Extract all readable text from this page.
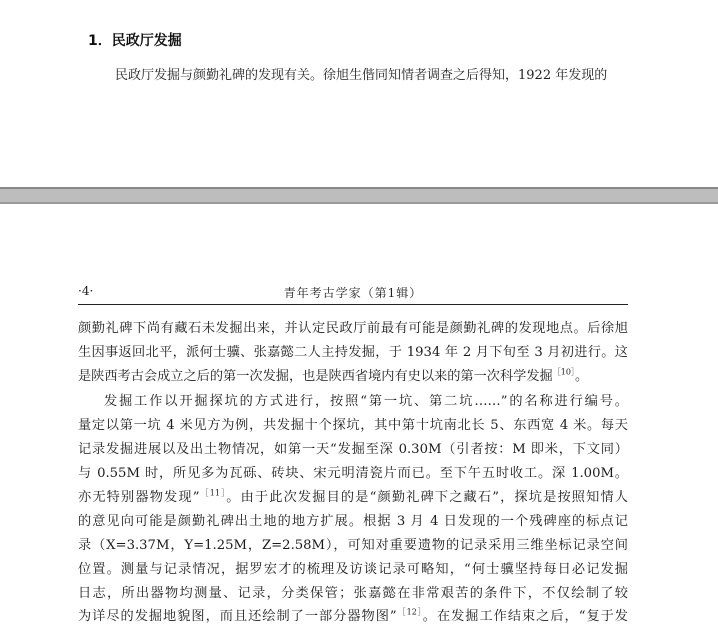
1．民政厅发掘
民政厅发掘与颜勤礼碑的发现有关。徐旭生偕同知情者调查之后得知，1922 年发现的
·4·	青年考古学家（第1辑）
颜勤礼碑下尚有藏石未发掘出来，并认定民政厅前最有可能是颜勤礼碑的发现地点。后徐旭
生因事返回北平，派何士骥、张嘉懿二人主持发掘，于 1934 年 2 月下旬至 3 月初进行。这
是陕西考古会成立之后的第一次发掘，也是陕西省境内有史以来的第一次科学发掘$^{[10]}$。
发掘工作以开掘探坑的方式进行，按照“第一坑、第二坑……”的名称进行编号。
量定以第一坑 4 米见方为例，共发掘十个探坑，其中第十坑南北长 5、东西宽 4 米。每天
记录发掘进展以及出土物情况，如第一天“发掘至深 0.30M（引者按：M 即米，下文同）
与 0.55M 时，所见多为瓦砾、砖块、宋元明清瓷片而已。至下午五时收工。深 1.00M。
亦无特别器物发现”$^{[11]}$。由于此次发掘目的是“颜勤礼碑下之藏石”，探坑是按照知情人
的意见向可能是颜勤礼碑出土地的地方扩展。根据 3 月 4 日发现的一个残碑座的标点记
录（X=3.37M，Y=1.25M，Z=2.58M），可知对重要遗物的记录采用三维坐标记录空间
位置。测量与记录情况，据罗宏才的梳理及访谈记录可略知，“何士骥坚持每日必记发掘
日志，所出器物均测量、记录，分类保管；张嘉懿在非常艰苦的条件下，不仅绘制了较
为详尽的发掘地貌图，而且还绘制了一部分器物图”$^{[12]}$。在发掘工作结束之后，“复于发
